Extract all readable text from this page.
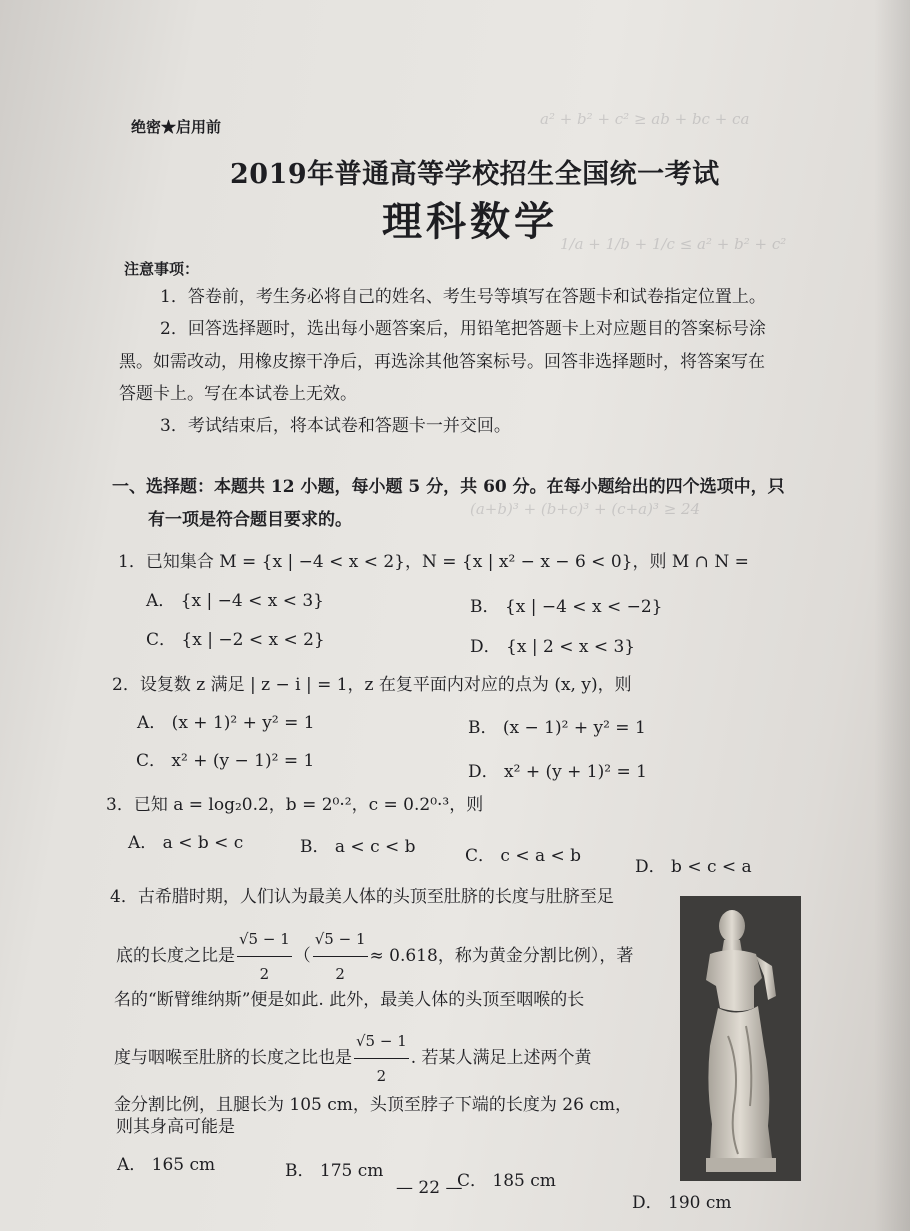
a² + b² + c² ≥ ab + bc + ca
1/a + 1/b + 1/c ≤ a² + b² + c²
(a+b)³ + (b+c)³ + (c+a)³ ≥ 24
绝密★启用前
2019年普通高等学校招生全国统一考试
理科数学
注意事项：
1．答卷前，考生务必将自己的姓名、考生号等填写在答题卡和试卷指定位置上。
2．回答选择题时，选出每小题答案后，用铅笔把答题卡上对应题目的答案标号涂
黑。如需改动，用橡皮擦干净后，再选涂其他答案标号。回答非选择题时，将答案写在
答题卡上。写在本试卷上无效。
3．考试结束后，将本试卷和答题卡一并交回。
一、选择题：本题共 12 小题，每小题 5 分，共 60 分。在每小题给出的四个选项中，只
有一项是符合题目要求的。
1．已知集合 M = {x | −4 < x < 2}，N = {x | x² − x − 6 < 0}，则 M ∩ N =
A． {x | −4 < x < 3}	B． {x | −4 < x < −2}
C． {x | −2 < x < 2}	D． {x | 2 < x < 3}
2．设复数 z 满足 | z − i | = 1，z 在复平面内对应的点为 (x, y)，则
A． (x + 1)² + y² = 1	B． (x − 1)² + y² = 1
C． x² + (y − 1)² = 1
D． x² + (y + 1)² = 1
3．已知 a = log₂0.2，b = 2⁰·²，c = 0.2⁰·³，则
A． a < b < c	B． a < c < b	C． c < a < b
D． b < c < a
4．古希腊时期，人们认为最美人体的头顶至肚脐的长度与肚脐至足
底的长度之比是 $\frac{√5 - 1}{2}$ （ $\frac{√5 - 1}{2} \approx 0.618$，称为黄金分割比例），著
名的“断臂维纳斯”便是如此. 此外，最美人体的头顶至咽喉的长
度与咽喉至肚脐的长度之比也是 $\frac{√5 - 1}{2}$ . 若某人满足上述两个黄
金分割比例，且腿长为 105 cm，头顶至脖子下端的长度为 26 cm，
则其身高可能是
A． 165 cm	B． 175 cm	C． 185 cm
D． 190 cm
— 22 —
